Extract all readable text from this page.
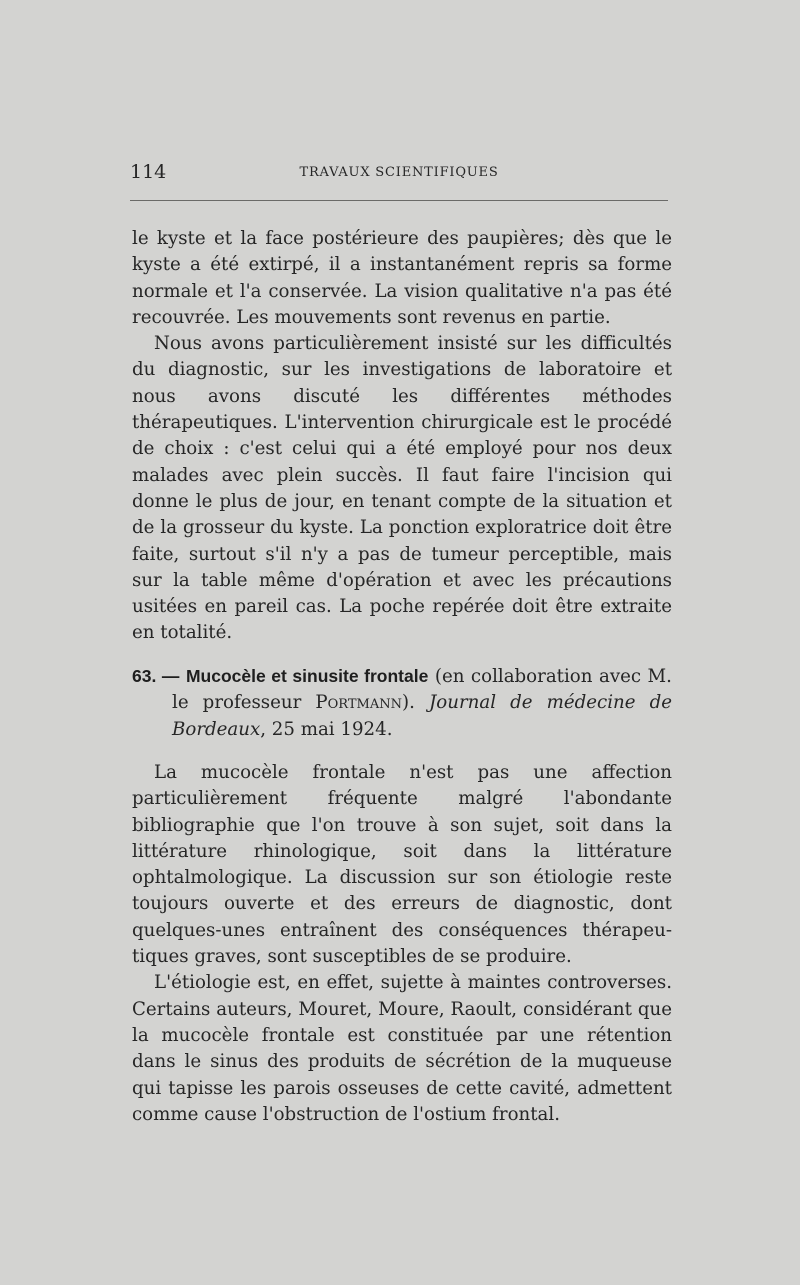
114	TRAVAUX SCIENTIFIQUES

le kyste et la face postérieure des paupières; dès que le kyste a été extirpé, il a instantanément repris sa forme normale et l'a conservée. La vision qualitative n'a pas été recouvrée. Les mouvements sont revenus en partie.

Nous avons particulièrement insisté sur les difficultés du diagnostic, sur les investigations de laboratoire et nous avons discuté les différentes méthodes thérapeutiques. L'intervention chirurgicale est le procédé de choix : c'est celui qui a été employé pour nos deux malades avec plein succès. Il faut faire l'incision qui donne le plus de jour, en tenant compte de la situation et de la grosseur du kyste. La ponction exploratrice doit être faite, surtout s'il n'y a pas de tumeur perceptible, mais sur la table même d'opération et avec les précautions usitées en pareil cas. La poche repérée doit être extraite en totalité.

63. — Mucocèle et sinusite frontale (en collaboration avec M. le professeur Portmann). Journal de médecine de Bordeaux, 25 mai 1924.

La mucocèle frontale n'est pas une affection particulièrement fréquente malgré l'abondante bibliographie que l'on trouve à son sujet, soit dans la littérature rhinologique, soit dans la littérature ophtalmologique. La discussion sur son étiologie reste toujours ouverte et des erreurs de diagnostic, dont quelques-unes entraînent des conséquences thérapeutiques graves, sont susceptibles de se produire.

L'étiologie est, en effet, sujette à maintes controverses. Certains auteurs, Mouret, Moure, Raoult, considérant que la mucocèle frontale est constituée par une rétention dans le sinus des produits de sécrétion de la muqueuse qui tapisse les parois osseuses de cette cavité, admettent comme cause l'obstruction de l'ostium frontal.
